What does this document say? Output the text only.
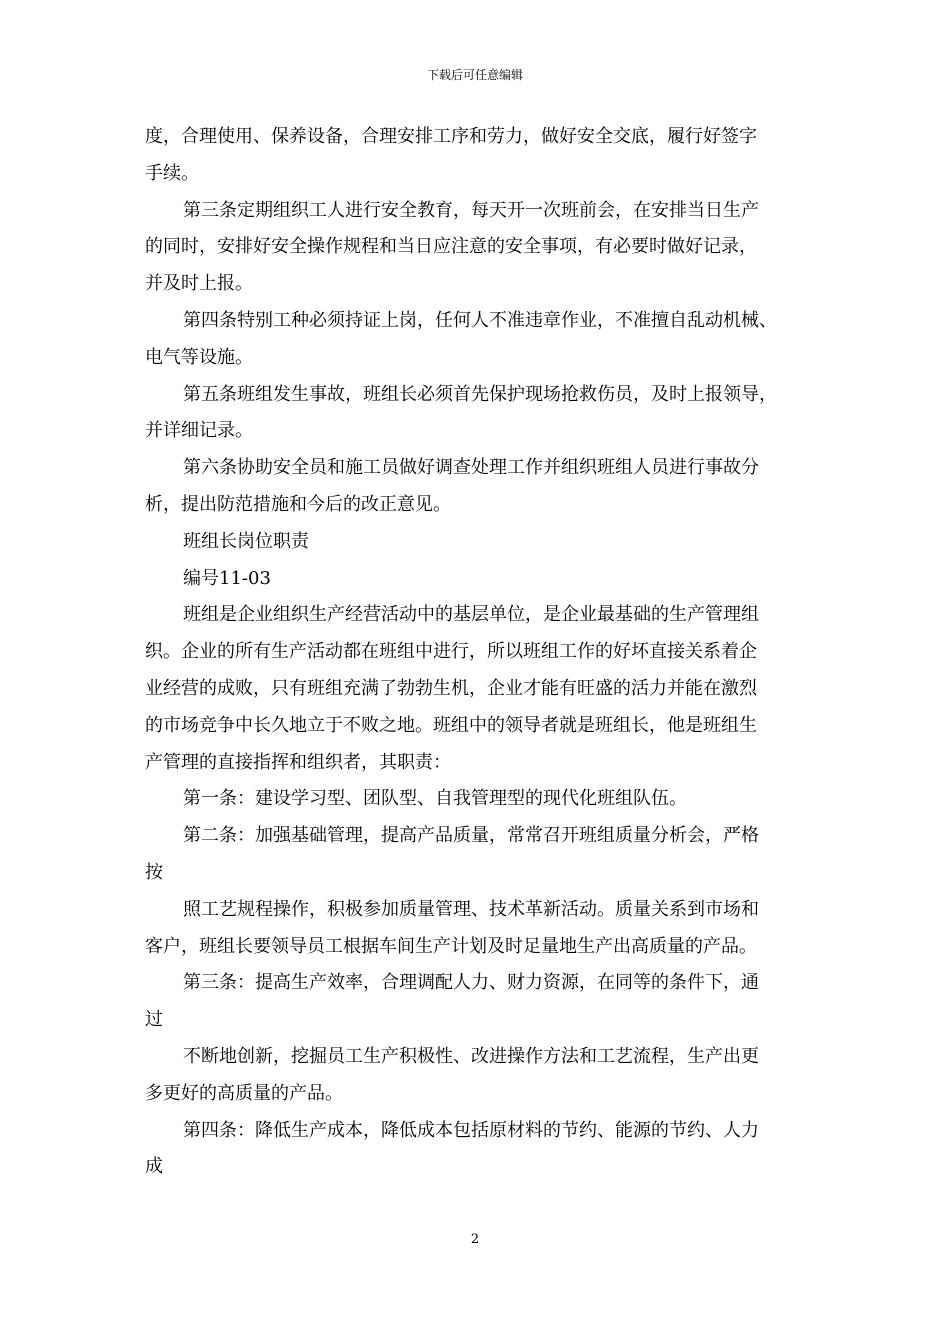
下载后可任意编辑

度，合理使用、保养设备，合理安排工序和劳力，做好安全交底，履行好签字

手续。

第三条定期组织工人进行安全教育，每天开一次班前会，在安排当日生产

的同时，安排好安全操作规程和当日应注意的安全事项，有必要时做好记录，

并及时上报。

第四条特别工种必须持证上岗，任何人不准违章作业，不准擅自乱动机械、

电气等设施。

第五条班组发生事故，班组长必须首先保护现场抢救伤员，及时上报领导，

并详细记录。

第六条协助安全员和施工员做好调查处理工作并组织班组人员进行事故分

析，提出防范措施和今后的改正意见。

班组长岗位职责

编号11-03

班组是企业组织生产经营活动中的基层单位，是企业最基础的生产管理组

织。企业的所有生产活动都在班组中进行，所以班组工作的好坏直接关系着企

业经营的成败，只有班组充满了勃勃生机，企业才能有旺盛的活力并能在激烈

的市场竞争中长久地立于不败之地。班组中的领导者就是班组长，他是班组生

产管理的直接指挥和组织者，其职责：

第一条：建设学习型、团队型、自我管理型的现代化班组队伍。

第二条：加强基础管理，提高产品质量，常常召开班组质量分析会，严格

按

照工艺规程操作，积极参加质量管理、技术革新活动。质量关系到市场和

客户，班组长要领导员工根据车间生产计划及时足量地生产出高质量的产品。

第三条：提高生产效率，合理调配人力、财力资源，在同等的条件下，通

过

不断地创新，挖掘员工生产积极性、改进操作方法和工艺流程，生产出更

多更好的高质量的产品。

第四条：降低生产成本，降低成本包括原材料的节约、能源的节约、人力

成

2
